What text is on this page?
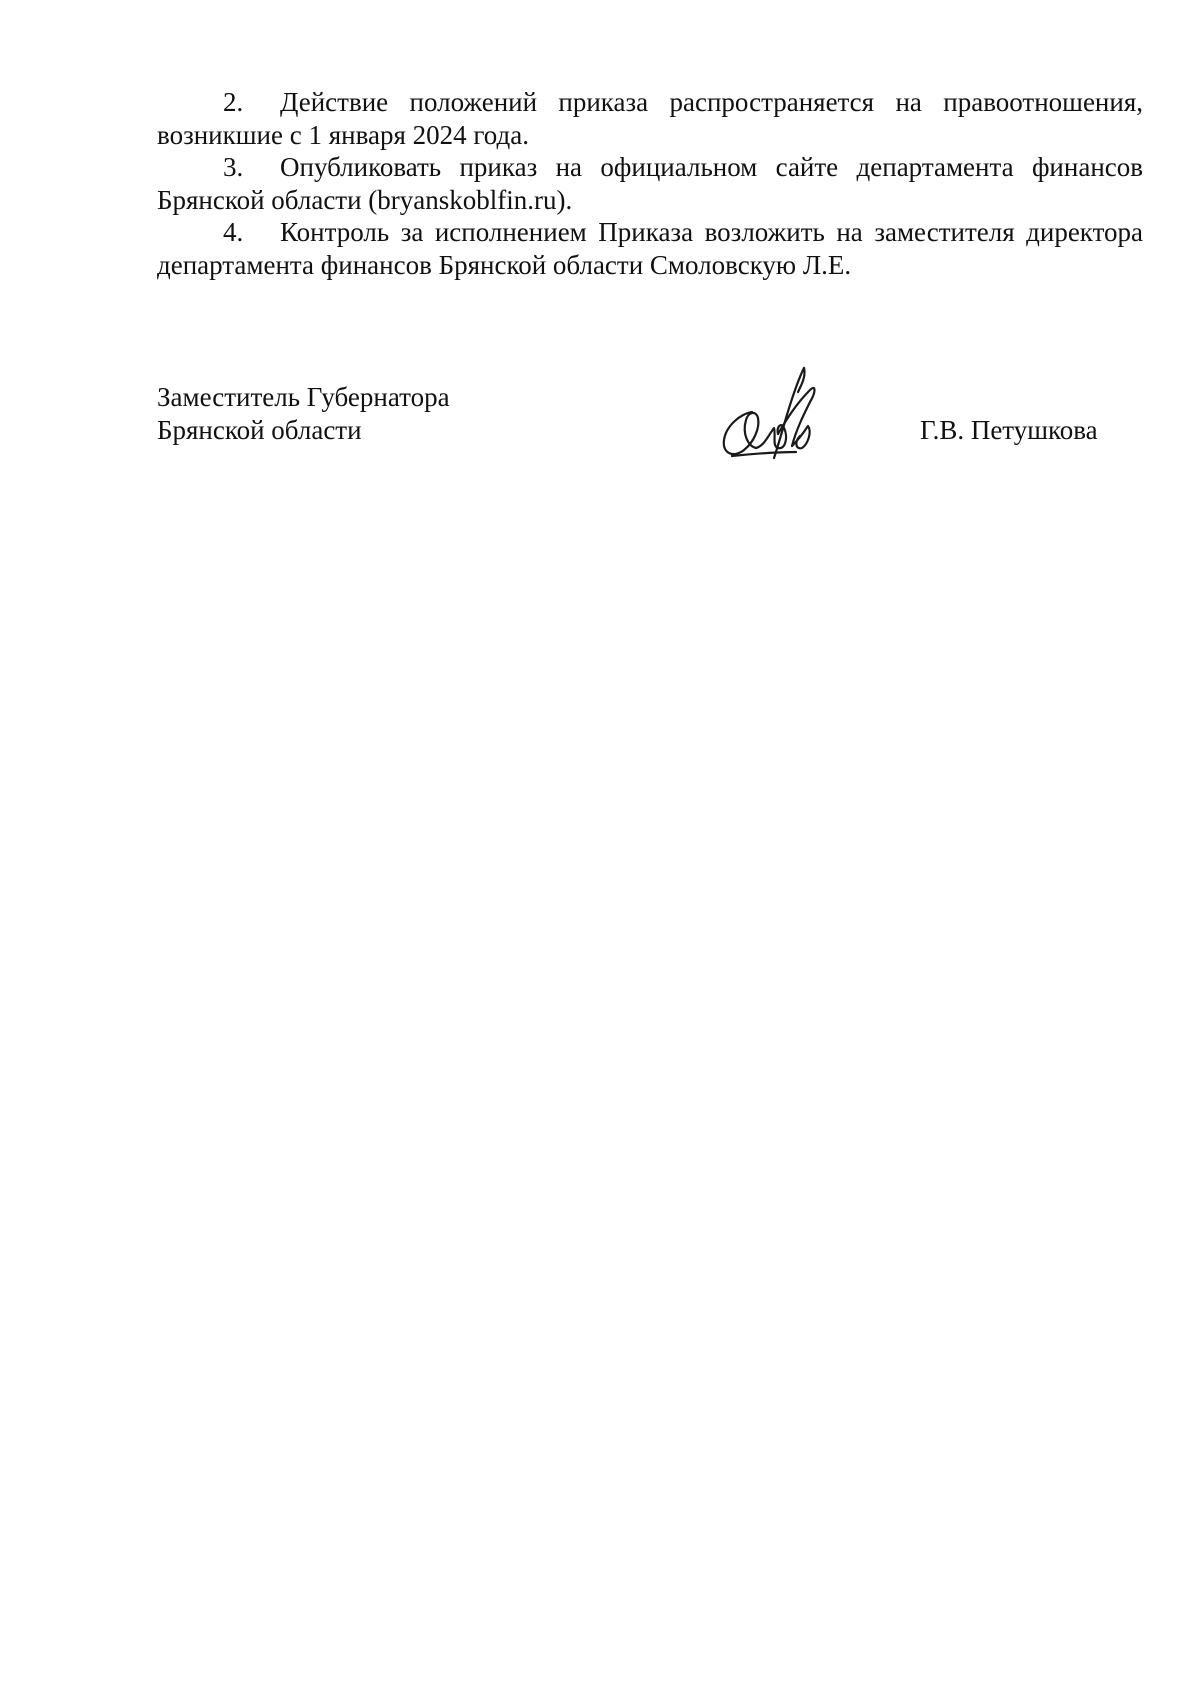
2. Действие положений приказа распространяется на правоотношения, возникшие с 1 января 2024 года.

3. Опубликовать приказ на официальном сайте департамента финансов Брянской области (bryanskoblfin.ru).

4. Контроль за исполнением Приказа возложить на заместителя директора департамента финансов Брянской области Смоловскую Л.Е.

Заместитель Губернатора
Брянской области	Г.В. Петушкова
